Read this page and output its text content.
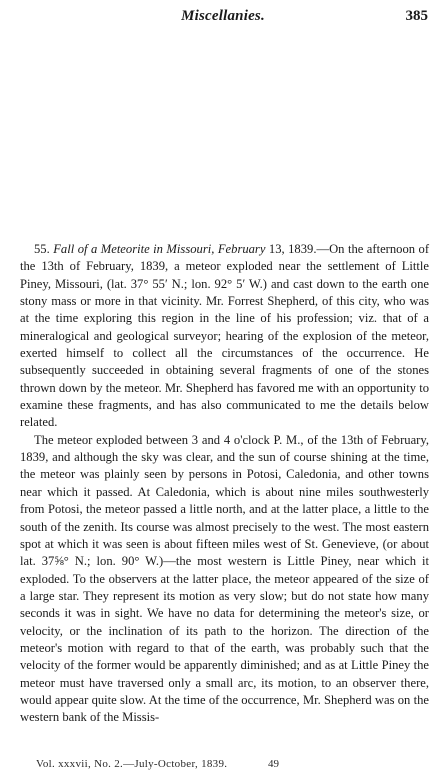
Miscellanies.	385

55. Fall of a Meteorite in Missouri, February 13, 1839.—On the afternoon of the 13th of February, 1839, a meteor exploded near the settlement of Little Piney, Missouri, (lat. 37° 55′ N.; lon. 92° 5′ W.) and cast down to the earth one stony mass or more in that vicinity. Mr. Forrest Shepherd, of this city, who was at the time exploring this region in the line of his profession; viz. that of a mineralogical and geological surveyor; hearing of the explosion of the meteor, exerted himself to collect all the circumstances of the occurrence. He subsequently succeeded in obtaining several fragments of one of the stones thrown down by the meteor. Mr. Shepherd has favored me with an opportunity to examine these fragments, and has also communicated to me the details below related.

The meteor exploded between 3 and 4 o'clock P. M., of the 13th of February, 1839, and although the sky was clear, and the sun of course shining at the time, the meteor was plainly seen by persons in Potosi, Caledonia, and other towns near which it passed. At Caledonia, which is about nine miles southwesterly from Potosi, the meteor passed a little north, and at the latter place, a little to the south of the zenith. Its course was almost precisely to the west. The most eastern spot at which it was seen is about fifteen miles west of St. Genevieve, (or about lat. 37⅝° N.; lon. 90° W.)—the most western is Little Piney, near which it exploded. To the observers at the latter place, the meteor appeared of the size of a large star. They represent its motion as very slow; but do not state how many seconds it was in sight. We have no data for determining the meteor's size, or velocity, or the inclination of its path to the horizon. The direction of the meteor's motion with regard to that of the earth, was probably such that the velocity of the former would be apparently diminished; and as at Little Piney the meteor must have traversed only a small arc, its motion, to an observer there, would appear quite slow. At the time of the occurrence, Mr. Shepherd was on the western bank of the Missis-

Vol. xxxvii, No. 2.—July-October, 1839.	49
